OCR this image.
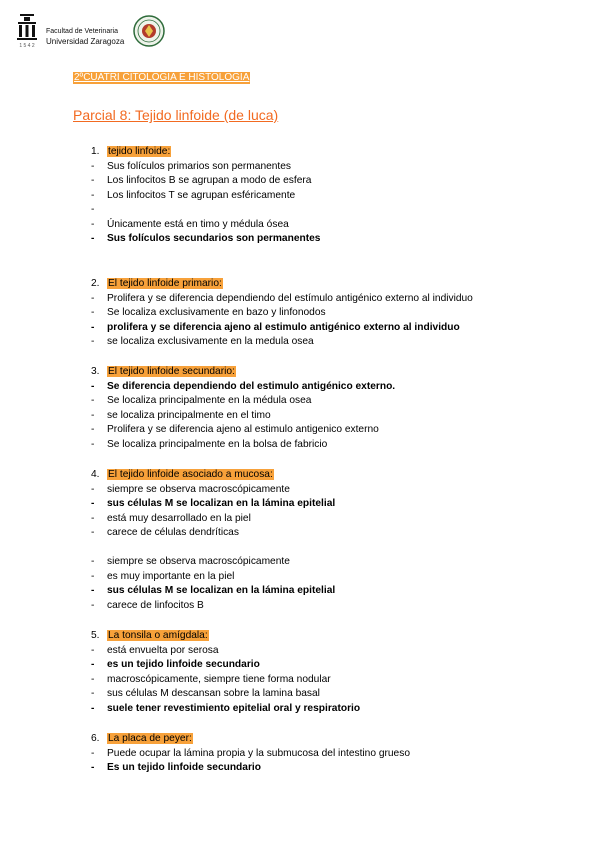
1 5 4 2
Facultad de Veterinaria
Universidad Zaragoza
2ºCUATRI CITOLOGIA E HISTOLOGIA
Parcial 8: Tejido linfoide (de luca)
1. tejido linfoide:
- Sus folículos primarios son permanentes
- Los linfocitos B se agrupan a modo de esfera
- Los linfocitos T se agrupan esféricamente
-
- Únicamente está en timo y médula ósea
- Sus folículos secundarios son permanentes
2. El tejido linfoide primario:
- Prolifera y se diferencia dependiendo del estímulo antigénico externo al individuo
- Se localiza exclusivamente en bazo y linfonodos
- prolifera y se diferencia ajeno al estimulo antigénico externo al individuo
- se localiza exclusivamente en la medula osea
3. El tejido linfoide secundario:
- Se diferencia dependiendo del estimulo antigénico externo.
- Se localiza principalmente en la médula osea
- se localiza principalmente en el timo
- Prolifera y se diferencia ajeno al estimulo antigenico externo
- Se localiza principalmente en la bolsa de fabricio
4. El tejido linfoide asociado a mucosa:
- siempre se observa macroscópicamente
- sus células M se localizan en la lámina epitelial
- está muy desarrollado en la piel
- carece de células dendríticas
- siempre se observa macroscópicamente
- es muy importante en la piel
- sus células M se localizan en la lámina epitelial
- carece de linfocitos B
5. La tonsila o amígdala:
- está envuelta por serosa
- es un tejido linfoide secundario
- macroscópicamente, siempre tiene forma nodular
- sus células M descansan sobre la lamina basal
- suele tener revestimiento epitelial oral y respiratorio
6. La placa de peyer:
- Puede ocupar la lámina propia y la submucosa del intestino grueso
- Es un tejido linfoide secundario
